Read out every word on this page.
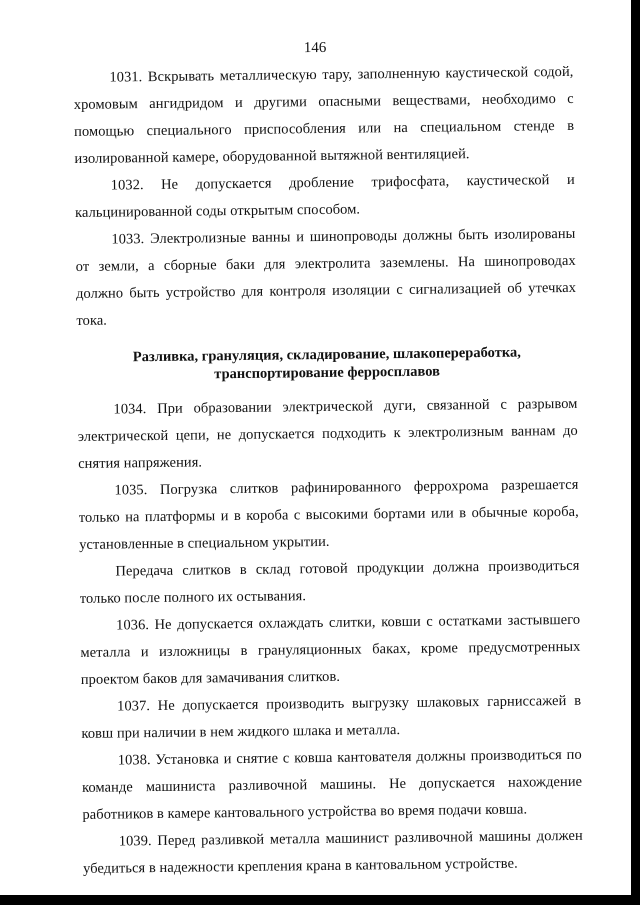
146

1031. Вскрывать металлическую тару, заполненную каустической содой, хромовым ангидридом и другими опасными веществами, необходимо с помощью специального приспособления или на специальном стенде в изолированной камере, оборудованной вытяжной вентиляцией.

1032. Не допускается дробление трифосфата, каустической и кальцинированной соды открытым способом.

1033. Электролизные ванны и шинопроводы должны быть изолированы от земли, а сборные баки для электролита заземлены. На шинопроводах должно быть устройство для контроля изоляции с сигнализацией об утечках тока.

Разливка, грануляция, складирование, шлакопереработка,
транспортирование ферросплавов

1034. При образовании электрической дуги, связанной с разрывом электрической цепи, не допускается подходить к электролизным ваннам до снятия напряжения.

1035. Погрузка слитков рафинированного феррохрома разрешается только на платформы и в короба с высокими бортами или в обычные короба, установленные в специальном укрытии.

Передача слитков в склад готовой продукции должна производиться только после полного их остывания.

1036. Не допускается охлаждать слитки, ковши с остатками застывшего металла и изложницы в грануляционных баках, кроме предусмотренных проектом баков для замачивания слитков.

1037. Не допускается производить выгрузку шлаковых гарниссажей в ковш при наличии в нем жидкого шлака и металла.

1038. Установка и снятие с ковша кантователя должны производиться по команде машиниста разливочной машины. Не допускается нахождение работников в камере кантовального устройства во время подачи ковша.

1039. Перед разливкой металла машинист разливочной машины должен убедиться в надежности крепления крана в кантовальном устройстве.
